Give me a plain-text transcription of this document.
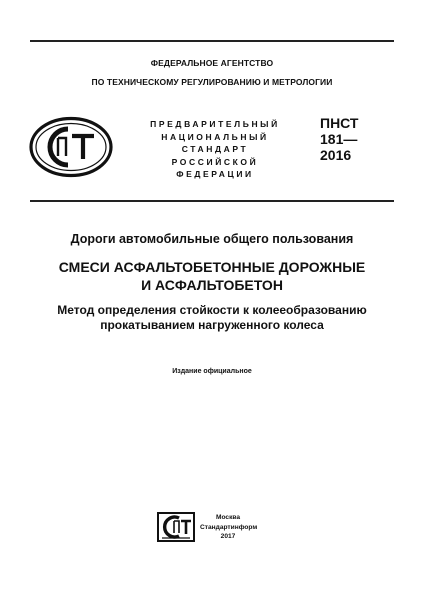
ФЕДЕРАЛЬНОЕ АГЕНТСТВО
ПО ТЕХНИЧЕСКОМУ РЕГУЛИРОВАНИЮ И МЕТРОЛОГИИ
ПРЕДВАРИТЕЛЬНЫЙ
НАЦИОНАЛЬНЫЙ
СТАНДАРТ
РОССИЙСКОЙ
ФЕДЕРАЦИИ
ПНСТ
181—
2016
Дороги автомобильные общего пользования
СМЕСИ АСФАЛЬТОБЕТОННЫЕ ДОРОЖНЫЕ
И АСФАЛЬТОБЕТОН
Метод определения стойкости к колееобразованию
прокатыванием нагруженного колеса
Издание официальное
Москва
Стандартинформ
2017
